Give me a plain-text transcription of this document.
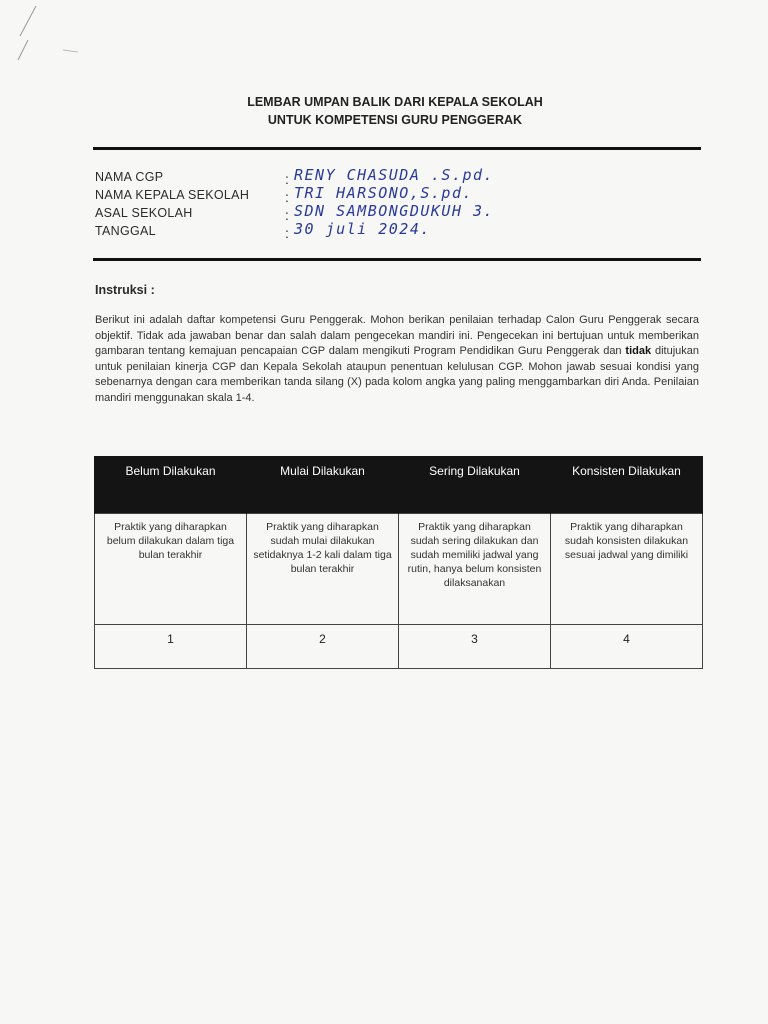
LEMBAR UMPAN BALIK DARI KEPALA SEKOLAH
UNTUK KOMPETENSI GURU PENGGERAK
NAMA CGP	: RENY CHASUDA .S.pd.
NAMA KEPALA SEKOLAH	: TRI HARSONO,S.pd.
ASAL SEKOLAH	: SDN SAMBONGDUKUH 3.
TANGGAL	: 30 juli 2024.
Instruksi :
Berikut ini adalah daftar kompetensi Guru Penggerak. Mohon berikan penilaian terhadap Calon Guru Penggerak secara objektif. Tidak ada jawaban benar dan salah dalam pengecekan mandiri ini. Pengecekan ini bertujuan untuk memberikan gambaran tentang kemajuan pencapaian CGP dalam mengikuti Program Pendidikan Guru Penggerak dan tidak ditujukan untuk penilaian kinerja CGP dan Kepala Sekolah ataupun penentuan kelulusan CGP. Mohon jawab sesuai kondisi yang sebenarnya dengan cara memberikan tanda silang (X) pada kolom angka yang paling menggambarkan diri Anda. Penilaian mandiri menggunakan skala 1-4.
Belum Dilakukan	Mulai Dilakukan	Sering Dilakukan	Konsisten Dilakukan
Praktik yang diharapkan belum dilakukan dalam tiga bulan terakhir	Praktik yang diharapkan sudah mulai dilakukan setidaknya 1-2 kali dalam tiga bulan terakhir	Praktik yang diharapkan sudah sering dilakukan dan sudah memiliki jadwal yang rutin, hanya belum konsisten dilaksanakan	Praktik yang diharapkan sudah konsisten dilakukan sesuai jadwal yang dimiliki
1	2	3	4
